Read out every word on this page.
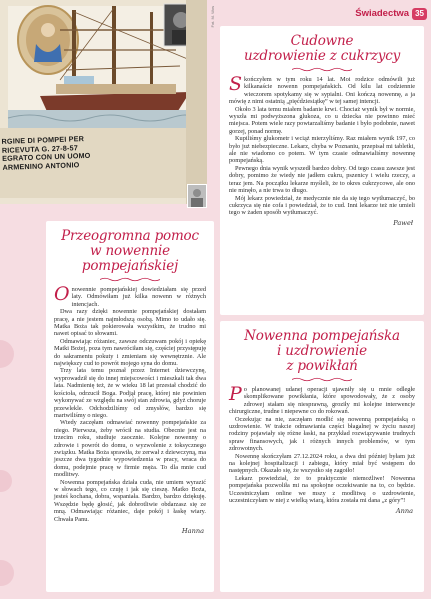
RGINE DI POMPEI PER
RICEVUTA G. 27-8-57
EGRATO CON UN UOMO
ARMENINO ANTONIO
Fot. M. Wos	Świadectwa 35
Cudowne
uzdrowienie z cukrzycy

Skończyłem w tym roku 14 lat. Moi rodzice odmówili już kilkanaście nowenn pompejańskich. Od kilu lat codziennie wieczorem spotykamy się w sypialni. Oni kończą nowennę, a ja mówię z nimi ostatnią „pięćdziesiątkę” w tej samej intencji.

Około 3 lata temu miałem badanie krwi. Chociaż wynik był w normie, wyszła mi podwyższona glukoza, co u dziecka nie powinno mieć miejsca. Potem wiele razy powtarzaliśmy badanie i było podobnie, nawet gorzej, ponad normę.

Kupiliśmy glukometr i wciąż mierzyliśmy. Raz miałem wynik 197, co było już niebezpieczne. Lekarz, chyba w Poznaniu, przepisał mi tabletki, ale nie wiadomo co potem. W tym czasie odmawialiśmy nowennę pompejańską.

Pewnego dnia wynik wyszedł bardzo dobry. Od tego czasu zawsze jest dobry, pomimo że wiedy nie jadłem cukru, pszenicy i wielu rzeczy, a teraz jem. Na początku lekarze myśleli, że to okres cukrzycowe, ale ono nie minęło, a nie trwa to długo.

Mój lekarz powiedział, że medycznie nie da się tego wytłumaczyć, bo cukrzyca się nie cofa i powiedział, że to cud. Inni lekarze też nie umieli tego w żaden sposób wytłumaczyć.

Paweł
Przeogromna pomoc
w nowennie pompejańskiej

Onowennie pompejańskiej dowiedziałam się przed laty. Odmówiłam już kilka nowenn w różnych intencjach.

Dwa razy dzięki nowennie pompejańskiej dostałam pracę, a nie jestem najmłodszą osobą. Mimo to udało się. Matka Boża tak pokierowała wszystkim, że trudno mi nawet opisać to słowami.

Odmawiając różaniec, zawsze odczuwam pokój i opiekę Matki Bożej, poza tym nawróciłam się, częściej przystępuję do sakramentu pokuty i zmieniam się wewnętrznie. Ale największy cud to powrót mojego syna do domu.

Trzy lata temu poznał przez Internet dziewczynę, wyprowadził się do innej miejscowości i mieszkali tak dwa lata. Nadmienię też, że w wieku 18 lat przestał chodzić do kościoła, odrzucił Boga. Podjął pracę, której nie powinien wykonywać ze względu na swój stan zdrowia, gdyż choruje przewlekle. Odchodziliśmy od zmysłów, bardzo się martwiliśmy o niego.

Wtedy zaczęłam odmawiać nowenny pompejańskie za niego. Pierwsza, żeby wrócił na studia. Obecnie jest na trzecim roku, studiuje zaocznie. Kolejne nowenny o zdrowie i powrót do domu, o wyzwolenie z toksycznego związku. Matka Boża sprawiła, że zerwał z dziewczyną, ma jeszcze dwa tygodnie wypowiedzenia w pracy, wraca do domu, podejmie pracę w firmie męża. To dla mnie cud modlitwy.

Nowenna pompejańska działa cuda, nie umiem wyrazić w słowach tego, co czuję i jak się cieszę. Matko Boża, jesteś kochana, dobra, wspaniała. Bardzo, bardzo dziękuję. Wszędzie będę głosić, jak dobrotliwie obdarzasz się ze mną. Odmawiając różaniec, daje pokój i łaskę wiary. Chwała Panu.

Hanna
Nowenna pompejańska
i uzdrowienie
z powikłań

Po planowanej udanej operacji ujawniły się u mnie odległe skomplikowane powikłania, które spowodowały, że z osoby zdrowej stałam się niesprawną, groziły mi kolejne interwencje chirurgiczne, trudne i niepewne co do rokowań.

Oczekując na nie, zaczęłam modlić się nowenną pompejańską o uzdrowienie. W trakcie odmawiania części błagalnej w życiu naszej rodziny pojawiały się różne łaski, na przykład rozwiązywanie trudnych spraw finansowych, jak i różnych innych problemów, w tym zdrowotnych.

Nowennę skończyłam 27.12.2024 roku, a dwa dni później byłam już na kolejnej hospitalizacji i zabiegu, który miał być wstępem do następnych. Okazało się, że wszystko się zagoiło!

Lekarz powiedział, że to praktycznie niemożliwe! Nowenna pompejańska pozwoliła mi na spokojne oczekiwanie na to, co będzie. Uczestniczyłam online we mszy z modlitwą o uzdrowienie, uczestniczyłam w niej z wielką wiarą, która została mi dana „z góry”!

Anna
